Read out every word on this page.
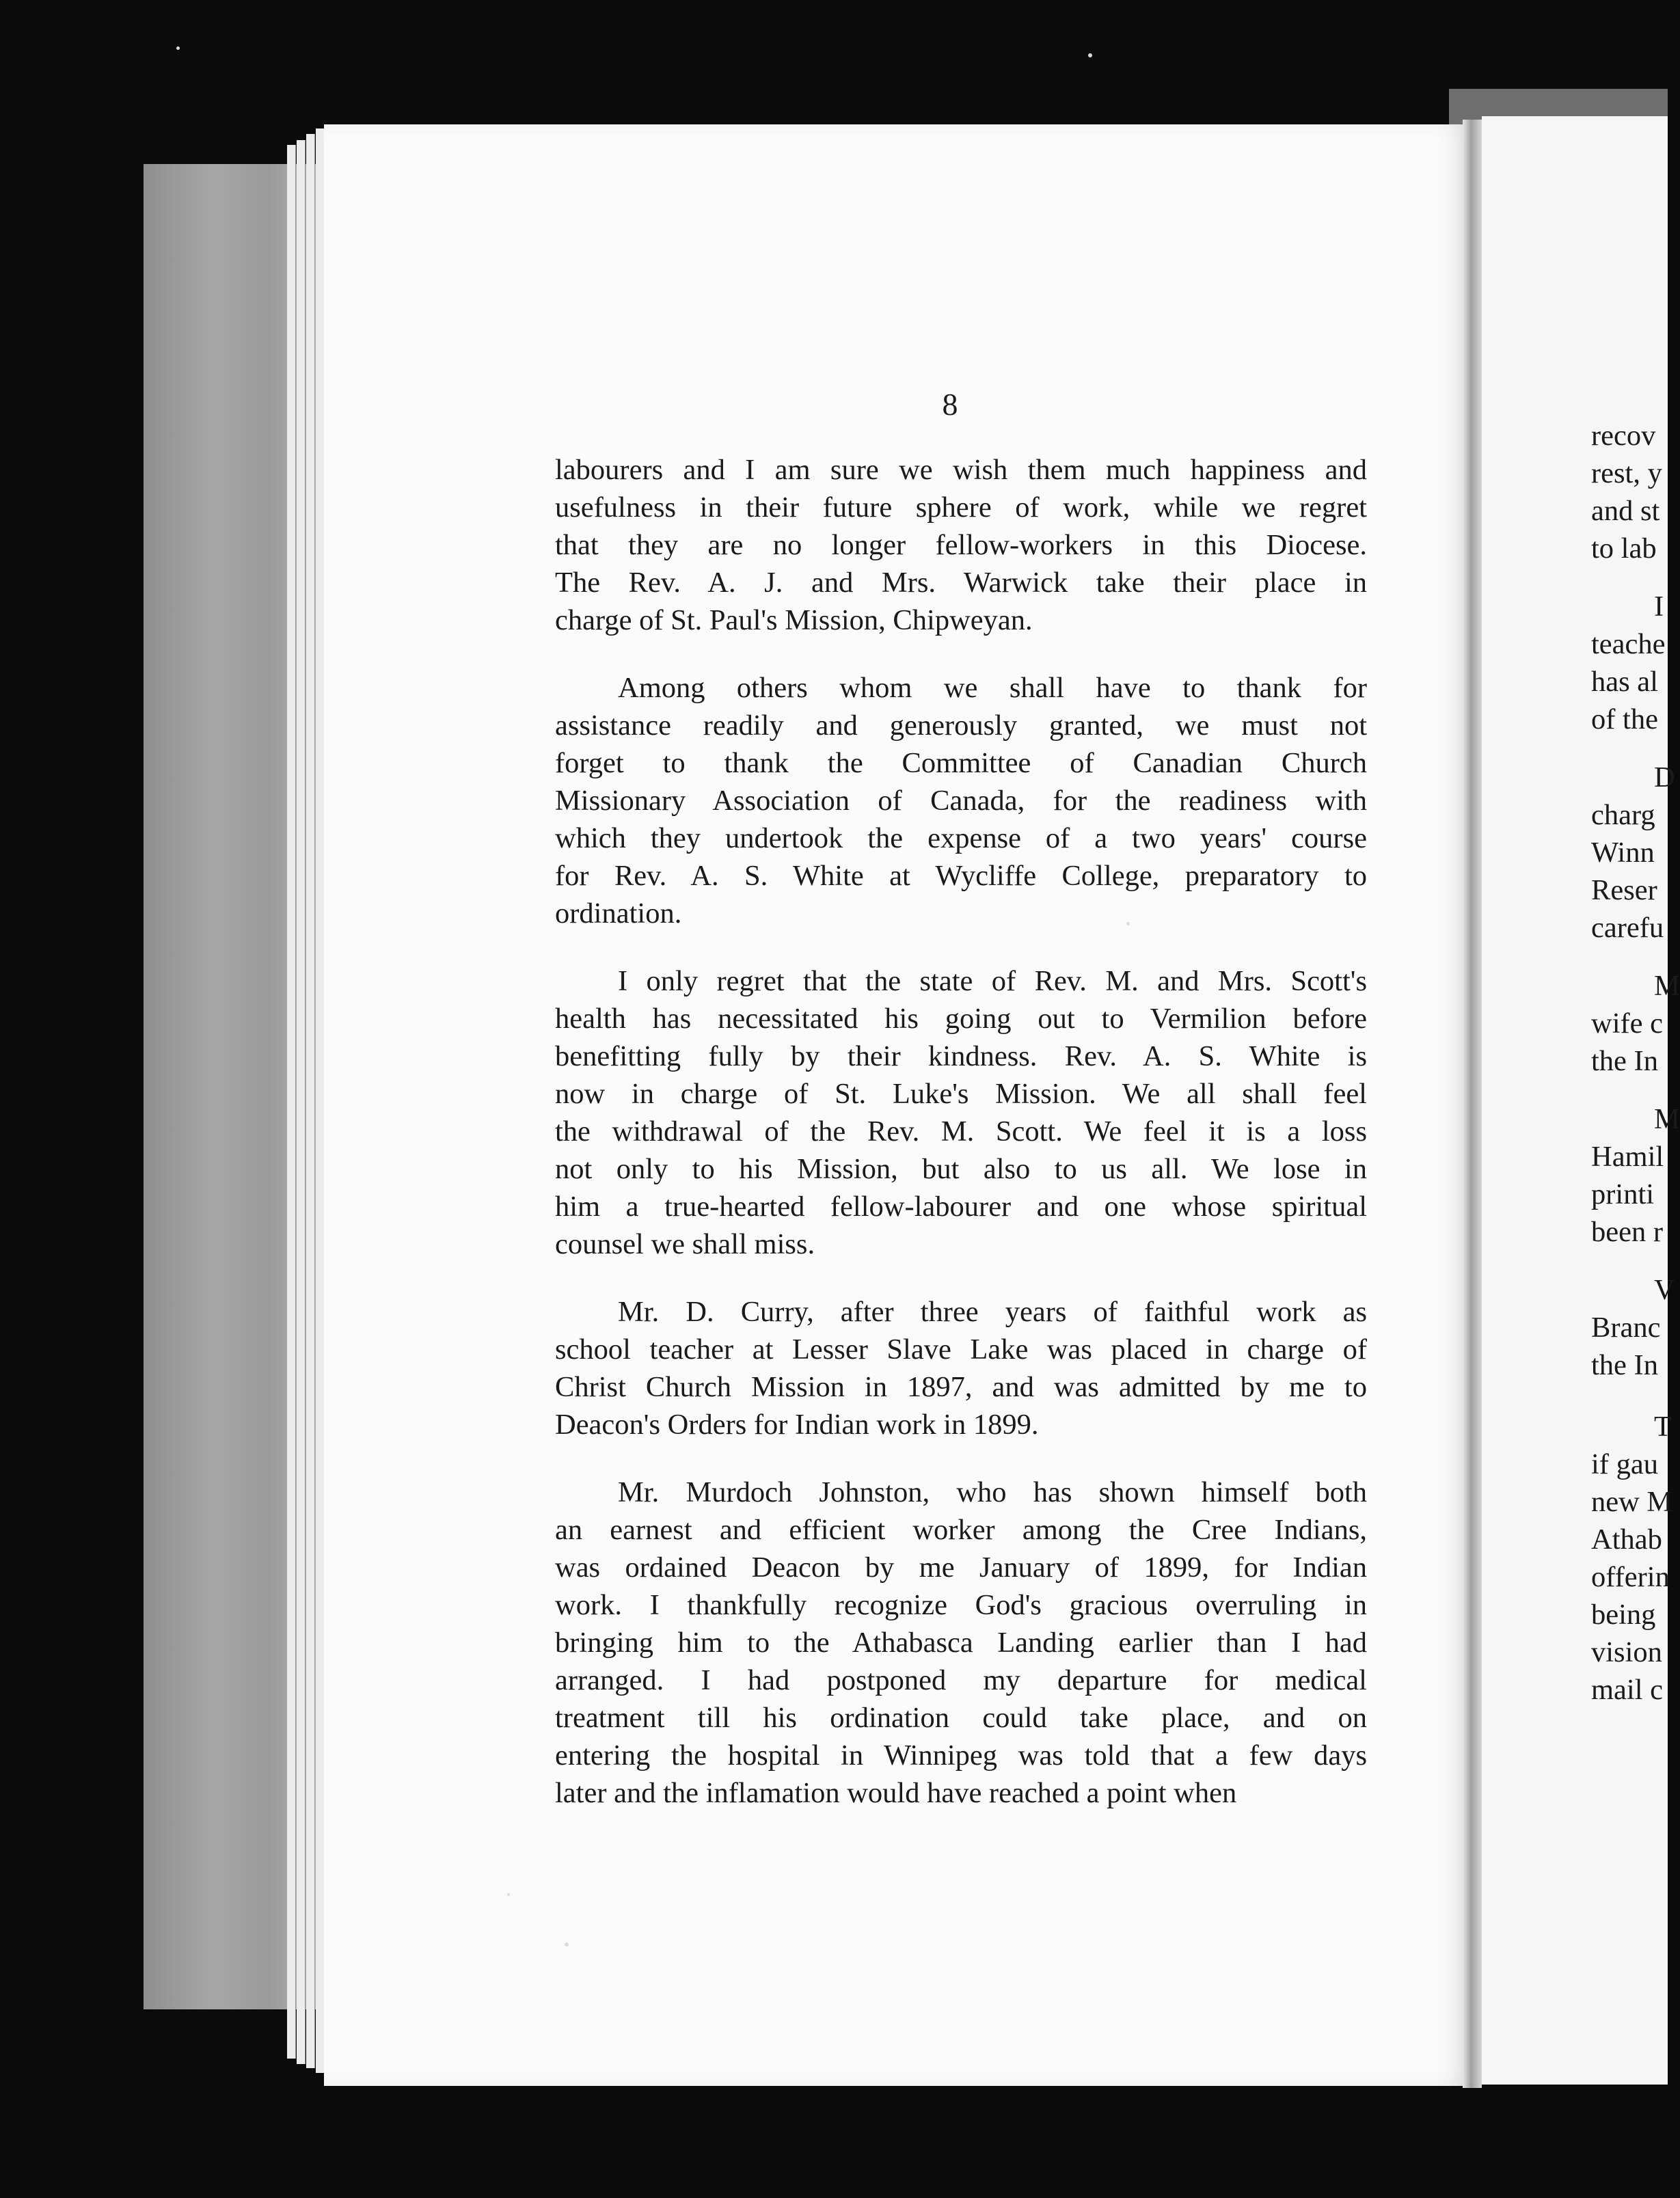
8

labourers and I am sure we wish them much happiness and

usefulness in their future sphere of work, while we regret

that they are no longer fellow-workers in this Diocese.

The Rev. A. J. and Mrs. Warwick take their place in

charge of St. Paul's Mission, Chipweyan.

Among others whom we shall have to thank for

assistance readily and generously granted, we must not

forget to thank the Committee of Canadian Church

Missionary Association of Canada, for the readiness with

which they undertook the expense of a two years' course

for Rev. A. S. White at Wycliffe College, preparatory to

ordination.

I only regret that the state of Rev. M. and Mrs. Scott's

health has necessitated his going out to Vermilion before

benefitting fully by their kindness. Rev. A. S. White is

now in charge of St. Luke's Mission. We all shall feel

the withdrawal of the Rev. M. Scott. We feel it is a loss

not only to his Mission, but also to us all. We lose in

him a true-hearted fellow-labourer and one whose spiritual

counsel we shall miss.

Mr. D. Curry, after three years of faithful work as

school teacher at Lesser Slave Lake was placed in charge of

Christ Church Mission in 1897, and was admitted by me to

Deacon's Orders for Indian work in 1899.

Mr. Murdoch Johnston, who has shown himself both

an earnest and efficient worker among the Cree Indians,

was ordained Deacon by me January of 1899, for Indian

work. I thankfully recognize God's gracious overruling in

bringing him to the Athabasca Landing earlier than I had

arranged. I had postponed my departure for medical

treatment till his ordination could take place, and on

entering the hospital in Winnipeg was told that a few days

later and the inflamation would have reached a point when

recov
rest, y
and st
to lab
I
teache
has al
of the
D
charg
Winn
Reser
carefu
M
wife c
the In
M
Hamil
printi
been r
V
Branc
the In
T
if gau
new M
Athab
offerin
being
vision
mail c
